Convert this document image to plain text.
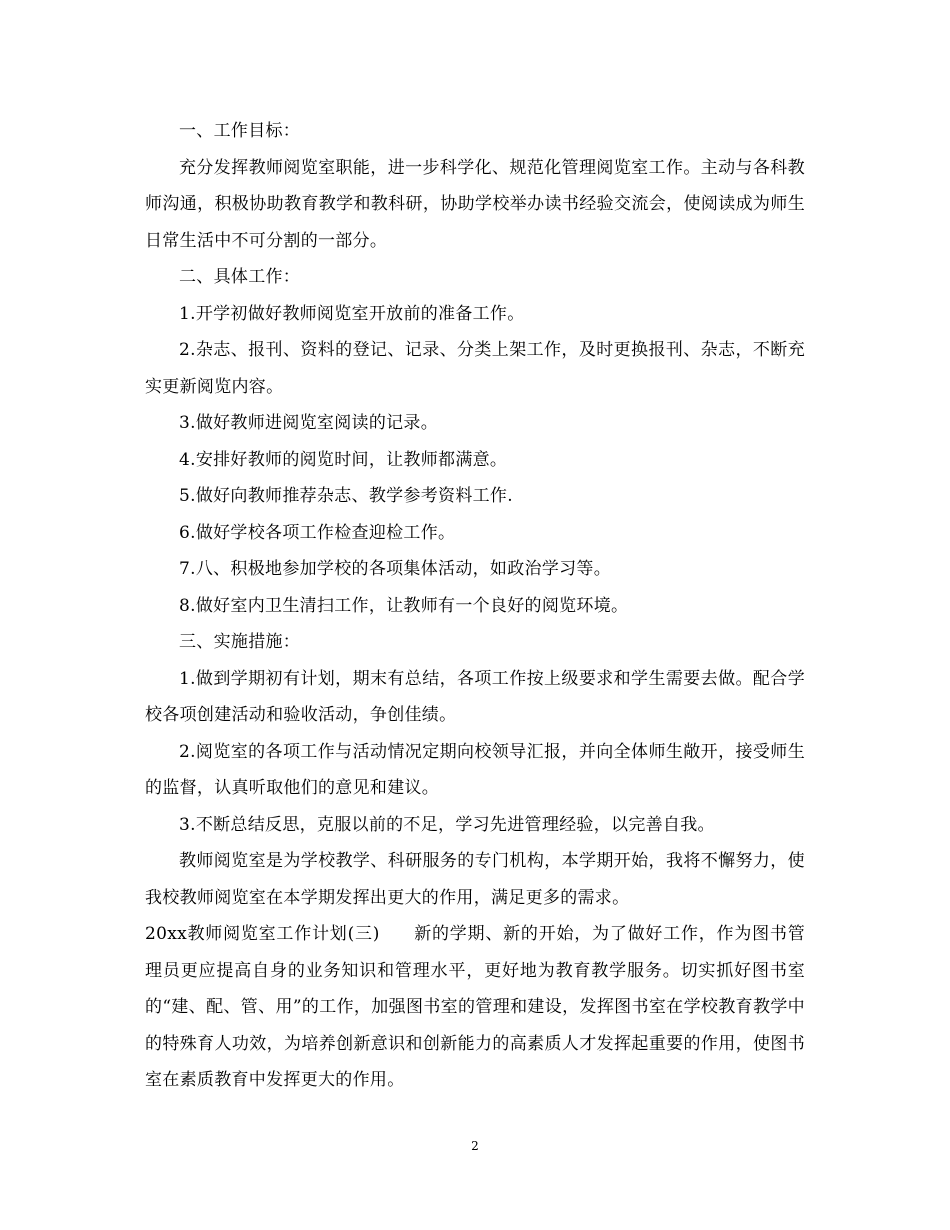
一、工作目标：

充分发挥教师阅览室职能，进一步科学化、规范化管理阅览室工作。主动与各科教师沟通，积极协助教育教学和教科研，协助学校举办读书经验交流会，使阅读成为师生日常生活中不可分割的一部分。

二、具体工作：

1.开学初做好教师阅览室开放前的准备工作。

2.杂志、报刊、资料的登记、记录、分类上架工作，及时更换报刊、杂志，不断充实更新阅览内容。

3.做好教师进阅览室阅读的记录。

4.安排好教师的阅览时间，让教师都满意。

5.做好向教师推荐杂志、教学参考资料工作.

6.做好学校各项工作检查迎检工作。

7.八、积极地参加学校的各项集体活动，如政治学习等。

8.做好室内卫生清扫工作，让教师有一个良好的阅览环境。

三、实施措施：

1.做到学期初有计划，期末有总结，各项工作按上级要求和学生需要去做。配合学校各项创建活动和验收活动，争创佳绩。

2.阅览室的各项工作与活动情况定期向校领导汇报，并向全体师生敞开，接受师生的监督，认真听取他们的意见和建议。

3.不断总结反思，克服以前的不足，学习先进管理经验，以完善自我。

教师阅览室是为学校教学、科研服务的专门机构，本学期开始，我将不懈努力，使我校教师阅览室在本学期发挥出更大的作用，满足更多的需求。

20xx教师阅览室工作计划(三) 新的学期、新的开始，为了做好工作，作为图书管理员更应提高自身的业务知识和管理水平，更好地为教育教学服务。切实抓好图书室的“建、配、管、用”的工作，加强图书室的管理和建设，发挥图书室在学校教育教学中的特殊育人功效，为培养创新意识和创新能力的高素质人才发挥起重要的作用，使图书室在素质教育中发挥更大的作用。

2
